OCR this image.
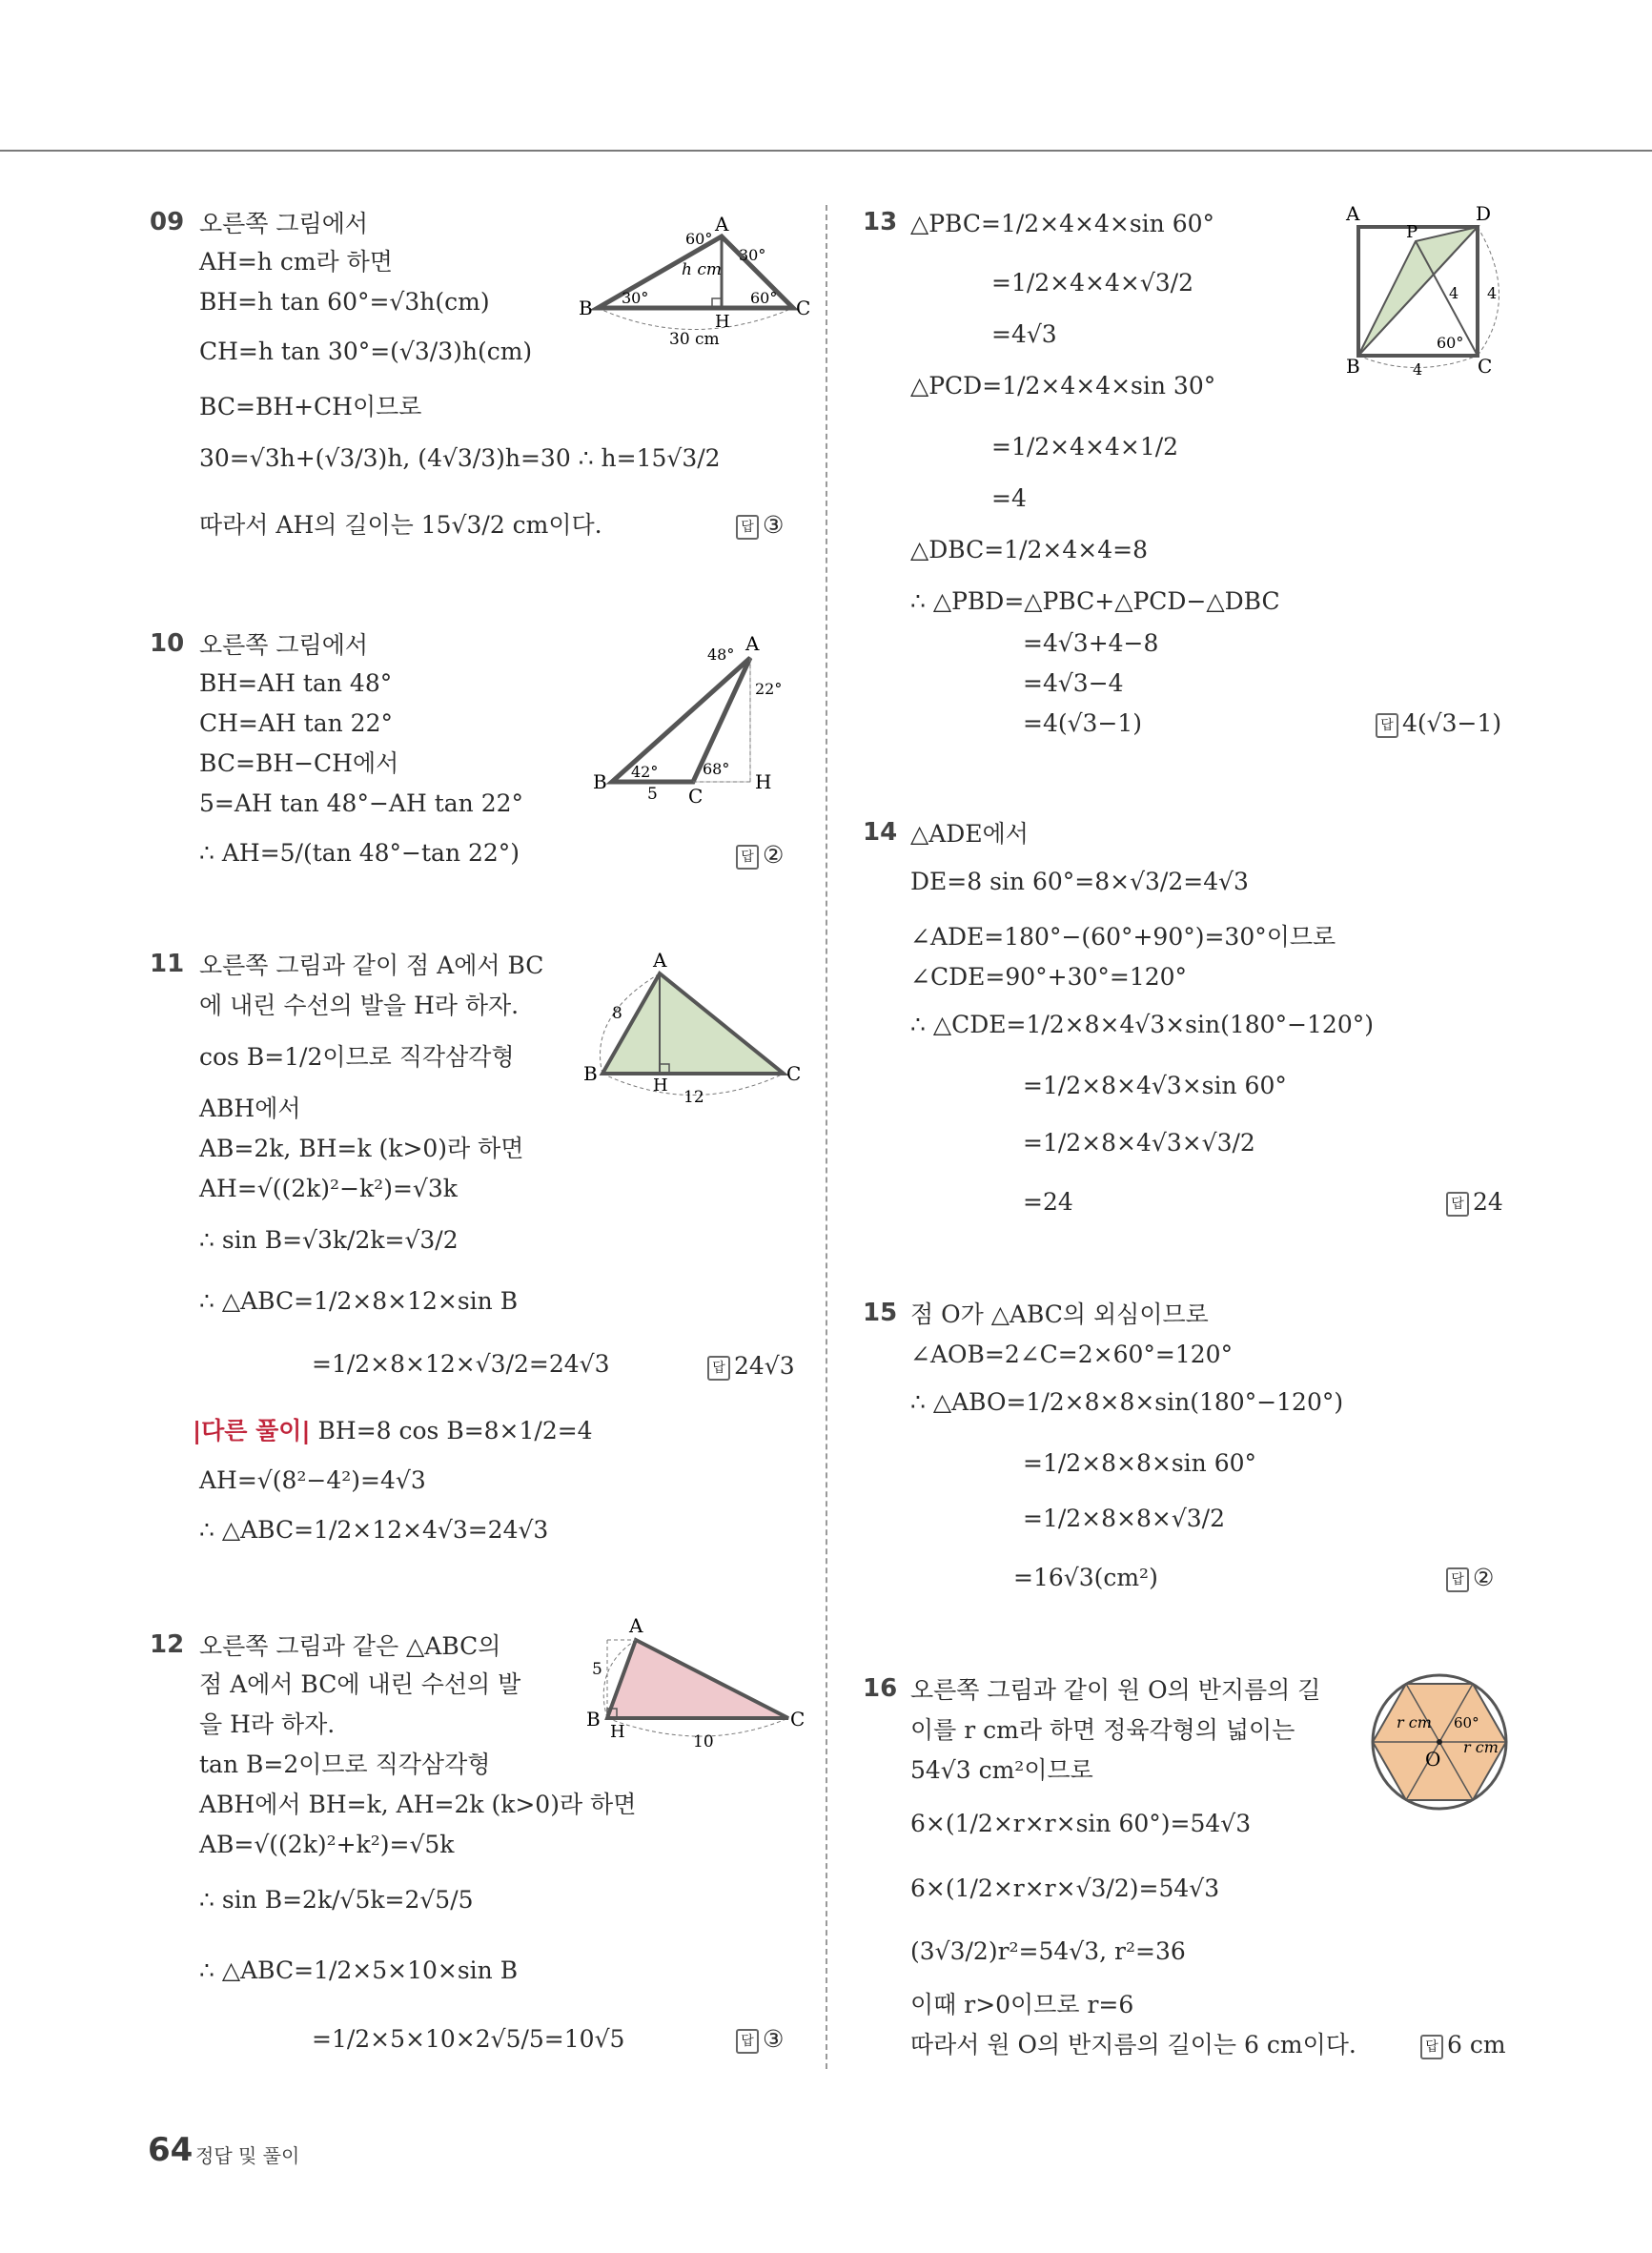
09 오른쪽 그림에서
AH=h cm라 하면
BH=h tan 60°=√3h(cm)
CH=h tan 30°=(√3/3)h(cm)
BC=BH+CH이므로
30=√3h+(√3/3)h, (4√3/3)h=30 ∴ h=15√3/2
따라서 AH의 길이는 15√3/2 cm이다.	답 ③
A
B	C
H
60°
30°
30°	60°
h cm
30 cm
10 오른쪽 그림에서
BH=AH tan 48°
CH=AH tan 22°
BC=BH−CH에서
5=AH tan 48°−AH tan 22°
∴ AH=5/(tan 48°−tan 22°)	답 ②
A
B
C
H
48°
22°
42°	68°
5
11 오른쪽 그림과 같이 점 A에서 BC
에 내린 수선의 발을 H라 하자.
cos B=1/2이므로 직각삼각형
ABH에서
AB=2k, BH=k (k>0)라 하면
AH=√((2k)²−k²)=√3k
∴ sin B=√3k/2k=√3/2
∴ △ABC=1/2×8×12×sin B
=1/2×8×12×√3/2=24√3	답 24√3
|다른 풀이| BH=8 cos B=8×1/2=4
AH=√(8²−4²)=4√3
∴ △ABC=1/2×12×4√3=24√3
A
B	C
H
8
12
12 오른쪽 그림과 같은 △ABC의
점 A에서 BC에 내린 수선의 발
을 H라 하자.
tan B=2이므로 직각삼각형
ABH에서 BH=k, AH=2k (k>0)라 하면
AB=√((2k)²+k²)=√5k
∴ sin B=2k/√5k=2√5/5
∴ △ABC=1/2×5×10×sin B
=1/2×5×10×2√5/5=10√5	답 ③
A
B	C
H
5
10
13 △PBC=1/2×4×4×sin 60°
=1/2×4×4×√3/2
=4√3
△PCD=1/2×4×4×sin 30°
=1/2×4×4×1/2
=4
△DBC=1/2×4×4=8
∴ △PBD=△PBC+△PCD−△DBC
=4√3+4−8
=4√3−4
=4(√3−1)	답 4(√3−1)
A	D
B	C
P
4 4
4
60°
14 △ADE에서
DE=8 sin 60°=8×√3/2=4√3
∠ADE=180°−(60°+90°)=30°이므로
∠CDE=90°+30°=120°
∴ △CDE=1/2×8×4√3×sin(180°−120°)
=1/2×8×4√3×sin 60°
=1/2×8×4√3×√3/2
=24	답 24
15 점 O가 △ABC의 외심이므로
∠AOB=2∠C=2×60°=120°
∴ △ABO=1/2×8×8×sin(180°−120°)
=1/2×8×8×sin 60°
=1/2×8×8×√3/2
=16√3(cm²)	답 ②
16 오른쪽 그림과 같이 원 O의 반지름의 길
이를 r cm라 하면 정육각형의 넓이는
54√3 cm²이므로
6×(1/2×r×r×sin 60°)=54√3
6×(1/2×r×r×√3/2)=54√3
(3√3/2)r²=54√3, r²=36
이때 r>0이므로 r=6
따라서 원 O의 반지름의 길이는 6 cm이다.	답 6 cm
O
r cm
r cm
60°
64 정답 및 풀이
